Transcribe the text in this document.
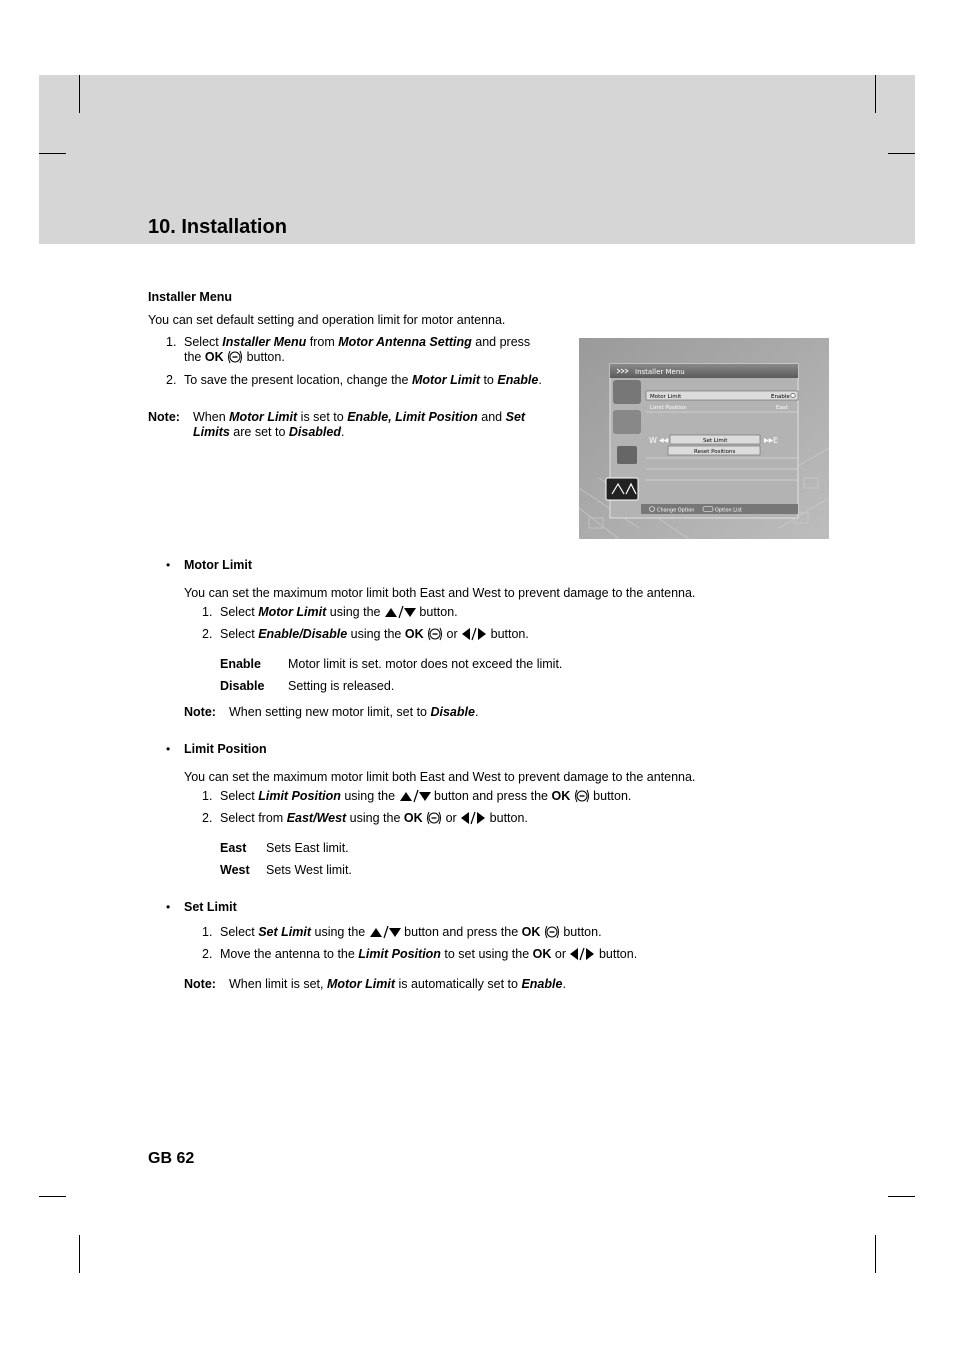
10. Installation
Installer Menu
You can set default setting and operation limit for motor antenna.
1. Select Installer Menu from Motor Antenna Setting and press
the OK  button.
2. To save the present location, change the Motor Limit to Enable.
Note: When Motor Limit is set to Enable, Limit Position and Set
Limits are set to Disabled.
Installer Menu
Motor Limit	Enable
Limit Position	East
W ◀◀	Set Limit	▶▶ E
Reset Positions
Change Option	Option List
• Motor Limit
You can set the maximum motor limit both East and West to prevent damage to the antenna.
1. Select Motor Limit using the	button.
2. Select Enable/Disable using the OK  or  button.
Enable Motor limit is set. motor does not exceed the limit.
Disable Setting is released.
Note: When setting new motor limit, set to Disable.
• Limit Position
You can set the maximum motor limit both East and West to prevent damage to the antenna.
1. Select Limit Position using the	button and press the OK  button.
2. Select from East/West using the OK  or  button.
East Sets East limit.
West Sets West limit.
• Set Limit
1. Select Set Limit using the	button and press the OK  button.
2. Move the antenna to the Limit Position to set using the OK or  button.
Note: When limit is set, Motor Limit is automatically set to Enable.
GB 62
